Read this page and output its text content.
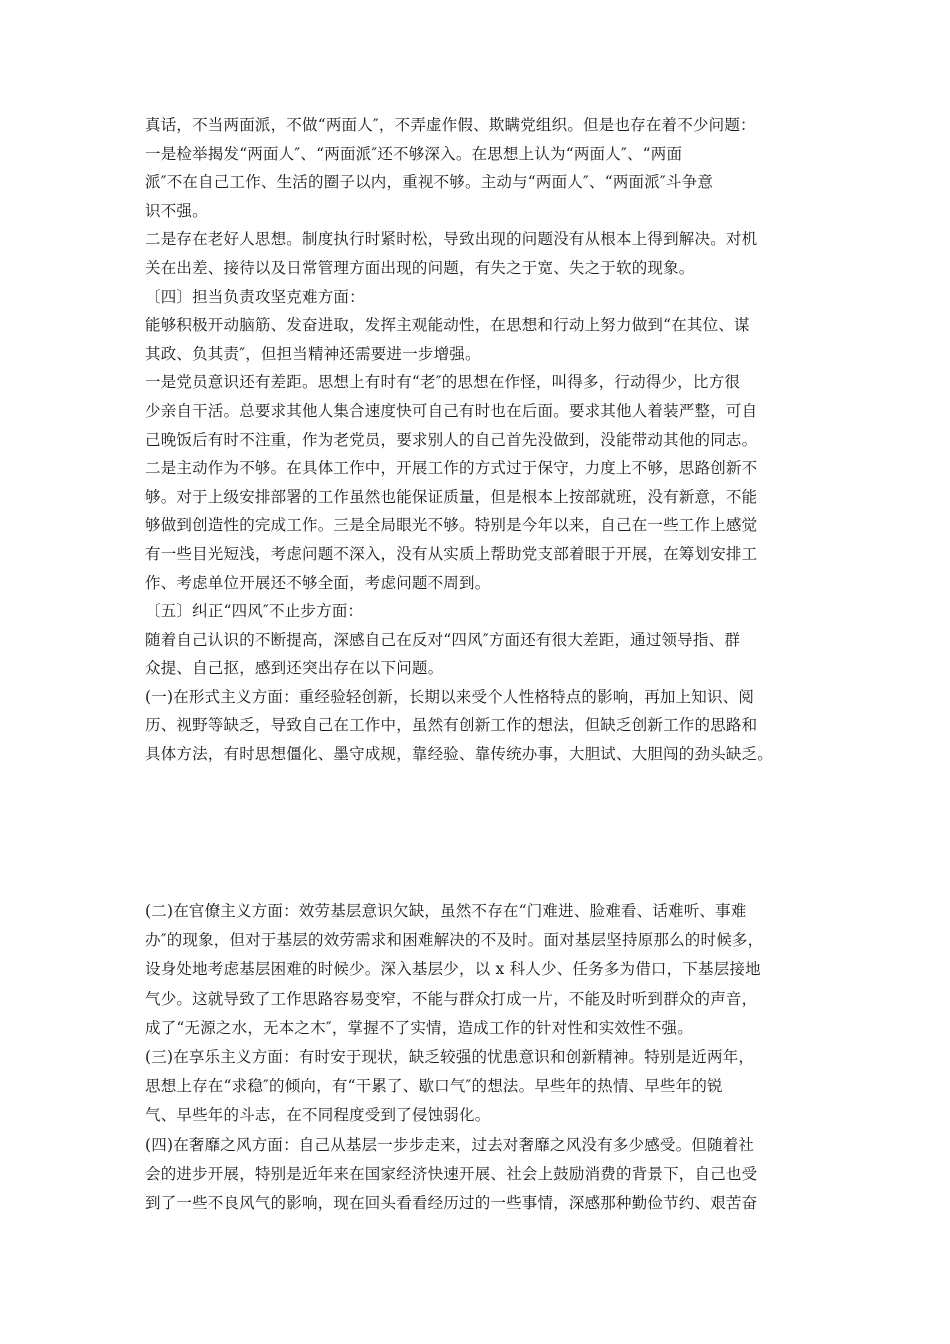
真话，不当两面派，不做“两面人″，不弄虚作假、欺瞒党组织。但是也存在着不少问题：
一是检举揭发“两面人″、“两面派″还不够深入。在思想上认为“两面人″、“两面
派″不在自己工作、生活的圈子以内，重视不够。主动与“两面人″、“两面派″斗争意
识不强。
二是存在老好人思想。制度执行时紧时松，导致出现的问题没有从根本上得到解决。对机
关在出差、接待以及日常管理方面出现的问题，有失之于宽、失之于软的现象。
〔四〕担当负责攻坚克难方面：
能够积极开动脑筋、发奋进取，发挥主观能动性，在思想和行动上努力做到“在其位、谋
其政、负其责″，但担当精神还需要进一步增强。
一是党员意识还有差距。思想上有时有“老″的思想在作怪，叫得多，行动得少，比方很
少亲自干活。总要求其他人集合速度快可自己有时也在后面。要求其他人着装严整，可自
己晚饭后有时不注重，作为老党员，要求别人的自己首先没做到，没能带动其他的同志。
二是主动作为不够。在具体工作中，开展工作的方式过于保守，力度上不够，思路创新不
够。对于上级安排部署的工作虽然也能保证质量，但是根本上按部就班，没有新意，不能
够做到创造性的完成工作。三是全局眼光不够。特别是今年以来，自己在一些工作上感觉
有一些目光短浅，考虑问题不深入，没有从实质上帮助党支部着眼于开展，在筹划安排工
作、考虑单位开展还不够全面，考虑问题不周到。
〔五〕纠正“四风″不止步方面：
随着自己认识的不断提高，深感自己在反对“四风″方面还有很大差距，通过领导指、群
众提、自己抠，感到还突出存在以下问题。
(一)在形式主义方面：重经验轻创新，长期以来受个人性格特点的影响，再加上知识、阅
历、视野等缺乏，导致自己在工作中，虽然有创新工作的想法，但缺乏创新工作的思路和
具体方法，有时思想僵化、墨守成规，靠经验、靠传统办事，大胆试、大胆闯的劲头缺乏。
(二)在官僚主义方面：效劳基层意识欠缺，虽然不存在“门难进、脸难看、话难听、事难
办″的现象，但对于基层的效劳需求和困难解决的不及时。面对基层坚持原那么的时候多，
设身处地考虑基层困难的时候少。深入基层少，以 x 科人少、任务多为借口，下基层接地
气少。这就导致了工作思路容易变窄，不能与群众打成一片，不能及时听到群众的声音，
成了“无源之水，无本之木″，掌握不了实情，造成工作的针对性和实效性不强。
(三)在享乐主义方面：有时安于现状，缺乏较强的忧患意识和创新精神。特别是近两年，
思想上存在“求稳″的倾向，有“干累了、歇口气″的想法。早些年的热情、早些年的锐
气、早些年的斗志，在不同程度受到了侵蚀弱化。
(四)在奢靡之风方面：自己从基层一步步走来，过去对奢靡之风没有多少感受。但随着社
会的进步开展，特别是近年来在国家经济快速开展、社会上鼓励消费的背景下，自己也受
到了一些不良风气的影响，现在回头看看经历过的一些事情，深感那种勤俭节约、艰苦奋
